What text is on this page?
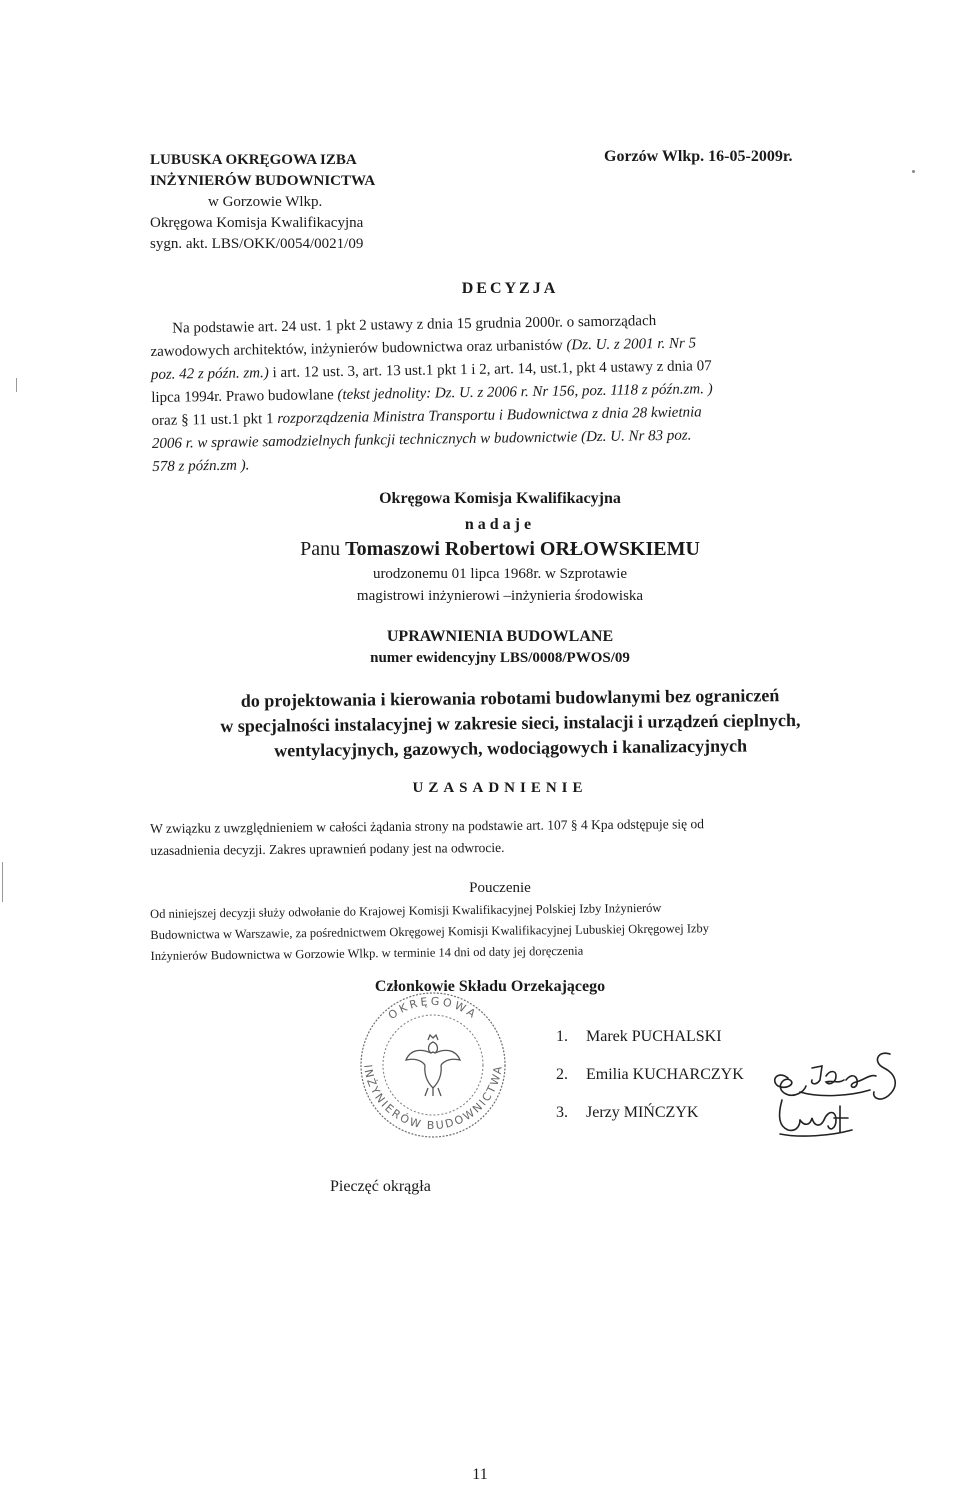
LUBUSKA OKRĘGOWA IZBA
INŻYNIERÓW BUDOWNICTWA
w Gorzowie Wlkp.
Okręgowa Komisja Kwalifikacyjna
sygn. akt. LBS/OKK/0054/0021/09
Gorzów Wlkp. 16-05-2009r.
DECYZJA
Na podstawie art. 24 ust. 1 pkt 2 ustawy z dnia 15 grudnia 2000r. o samorządach
zawodowych architektów, inżynierów budownictwa oraz urbanistów (Dz. U. z 2001 r. Nr 5
poz. 42 z późn. zm.) i art. 12 ust. 3, art. 13 ust.1 pkt 1 i 2, art. 14, ust.1, pkt 4 ustawy z dnia 07
lipca 1994r. Prawo budowlane (tekst jednolity: Dz. U. z 2006 r. Nr 156, poz. 1118 z późn.zm. )
oraz § 11 ust.1 pkt 1 rozporządzenia Ministra Transportu i Budownictwa z dnia 28 kwietnia
2006 r. w sprawie samodzielnych funkcji technicznych w budownictwie (Dz. U. Nr 83 poz.
578 z późn.zm ).
Okręgowa Komisja Kwalifikacyjna
nadaje
Panu Tomaszowi Robertowi ORŁOWSKIEMU
urodzonemu 01 lipca 1968r. w Szprotawie
magistrowi inżynierowi –inżynieria środowiska
UPRAWNIENIA BUDOWLANE
numer ewidencyjny LBS/0008/PWOS/09
do projektowania i kierowania robotami budowlanymi bez ograniczeń
w specjalności instalacyjnej w zakresie sieci, instalacji i urządzeń cieplnych,
wentylacyjnych, gazowych, wodociągowych i kanalizacyjnych
UZASADNIENIE
W związku z uwzględnieniem w całości żądania strony na podstawie art. 107 § 4 Kpa odstępuje się od
uzasadnienia decyzji. Zakres uprawnień podany jest na odwrocie.
Pouczenie
Od niniejszej decyzji służy odwołanie do Krajowej Komisji Kwalifikacyjnej Polskiej Izby Inżynierów
Budownictwa w Warszawie, za pośrednictwem Okręgowej Komisji Kwalifikacyjnej Lubuskiej Okręgowej Izby
Inżynierów Budownictwa w Gorzowie Wlkp. w terminie 14 dni od daty jej doręczenia
Członkowie Składu Orzekającego
OKRĘGOWA
INŻYNIERÓW BUDOWNICTWA
1. Marek PUCHALSKI
2. Emilia KUCHARCZYK
3. Jerzy MIŃCZYK
Pieczęć okrągła
11
